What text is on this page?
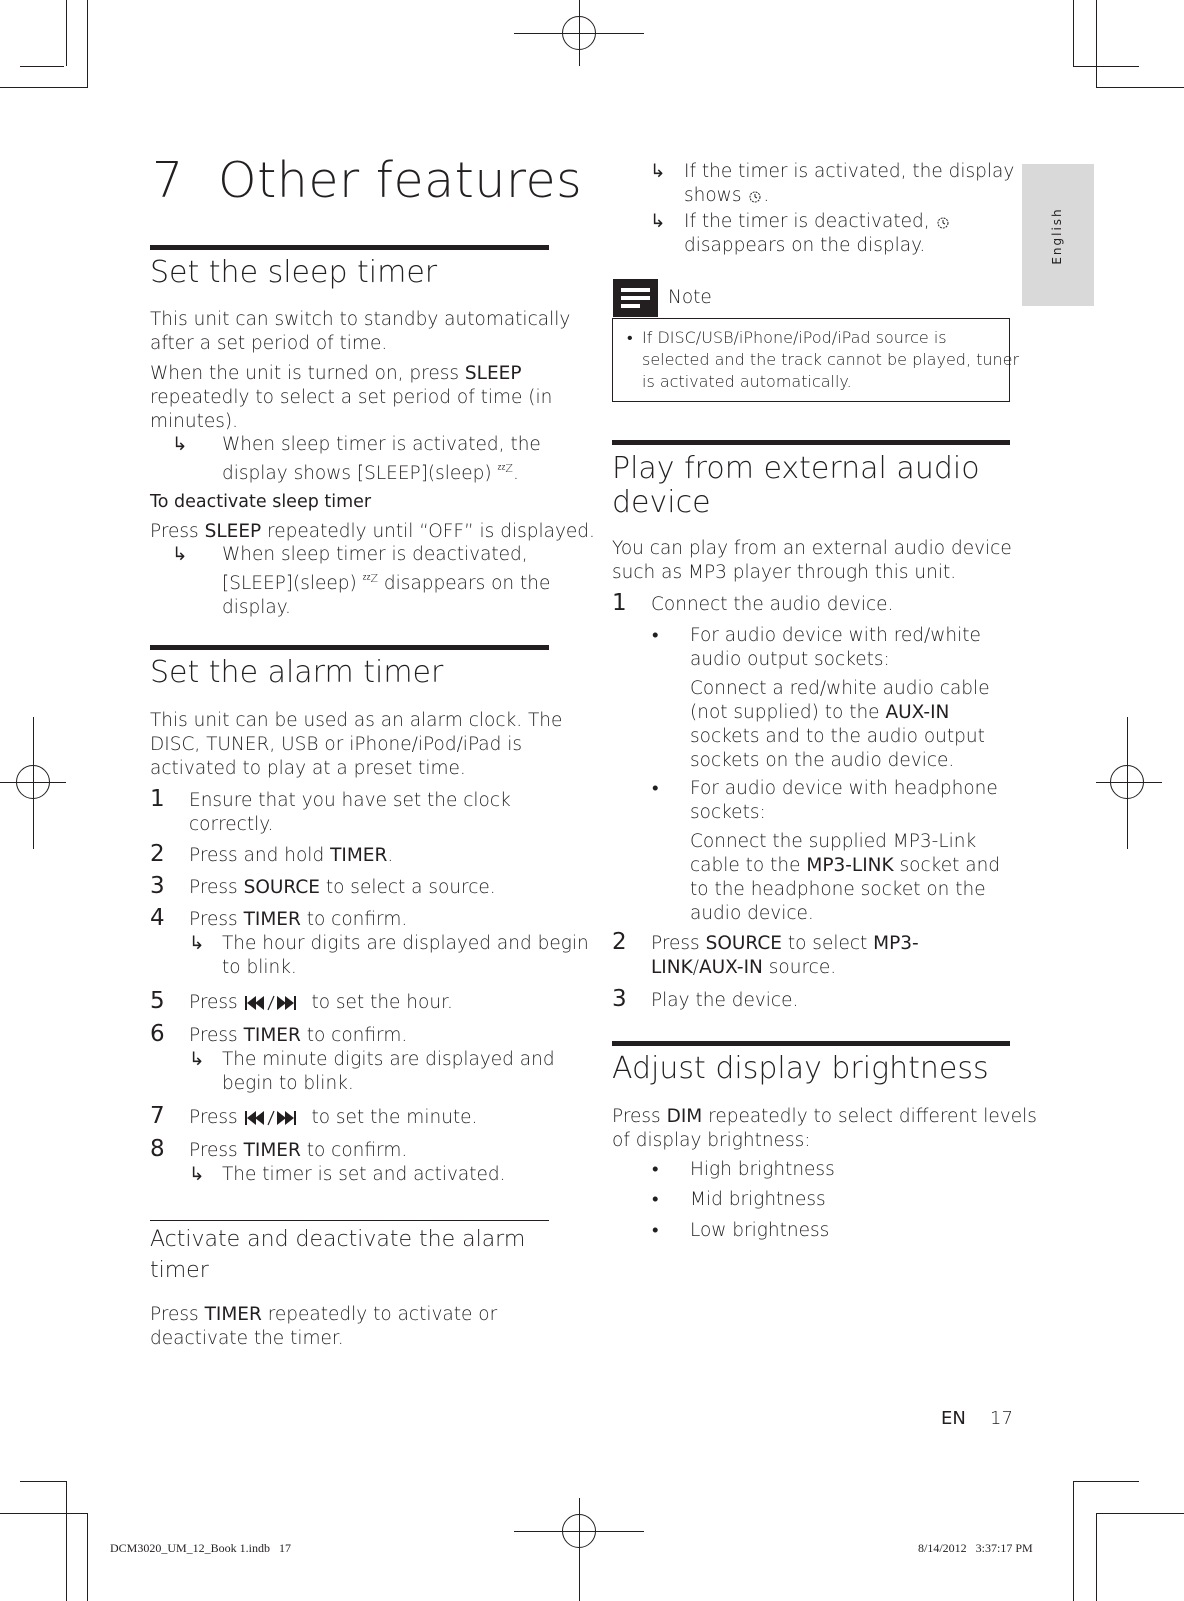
English
7 Other features
Set the sleep timer
This unit can switch to standby automatically
after a set period of time.
When the unit is turned on, press SLEEP
repeatedly to select a set period of time (in
minutes).
↳ When sleep timer is activated, the
display shows [SLEEP](sleep) $^{ᶻᶻZ}$.
To deactivate sleep timer
Press SLEEP repeatedly until “OFF” is displayed.
↳ When sleep timer is deactivated,
[SLEEP](sleep) $^{ᶻᶻZ}$ disappears on the
display.
Set the alarm timer
This unit can be used as an alarm clock. The
DISC, TUNER, USB or iPhone/iPod/iPad is
activated to play at a preset time.
1 Ensure that you have set the clock
correctly.
2 Press and hold TIMER.
3 Press SOURCE to select a source.
4 Press TIMER to confirm.
↳ The hour digits are displayed and begin
to blink.
5 Press	to set the hour.
6 Press TIMER to confirm.
↳ The minute digits are displayed and
begin to blink.
7 Press	to set the minute.
8 Press TIMER to confirm.
↳ The timer is set and activated.
Activate and deactivate the alarm
timer
Press TIMER repeatedly to activate or
deactivate the timer.
↳ If the timer is activated, the display
shows .
↳ If the timer is deactivated,
disappears on the display.
Note
• If DISC/USB/iPhone/iPod/iPad source is
selected and the track cannot be played, tuner
is activated automatically.
Play from external audio
device
You can play from an external audio device
such as MP3 player through this unit.
1 Connect the audio device.
• For audio device with red/white
audio output sockets:
Connect a red/white audio cable
(not supplied) to the AUX-IN
sockets and to the audio output
sockets on the audio device.
• For audio device with headphone
sockets:
Connect the supplied MP3-Link
cable to the MP3-LINK socket and
to the headphone socket on the
audio device.
2 Press SOURCE to select MP3-
LINK/AUX-IN source.
3 Play the device.
Adjust display brightness
Press DIM repeatedly to select different levels
of display brightness:
• High brightness
• Mid brightness
• Low brightness
EN 17
DCM3020_UM_12_Book 1.indb   17	8/14/2012   3:37:17 PM
